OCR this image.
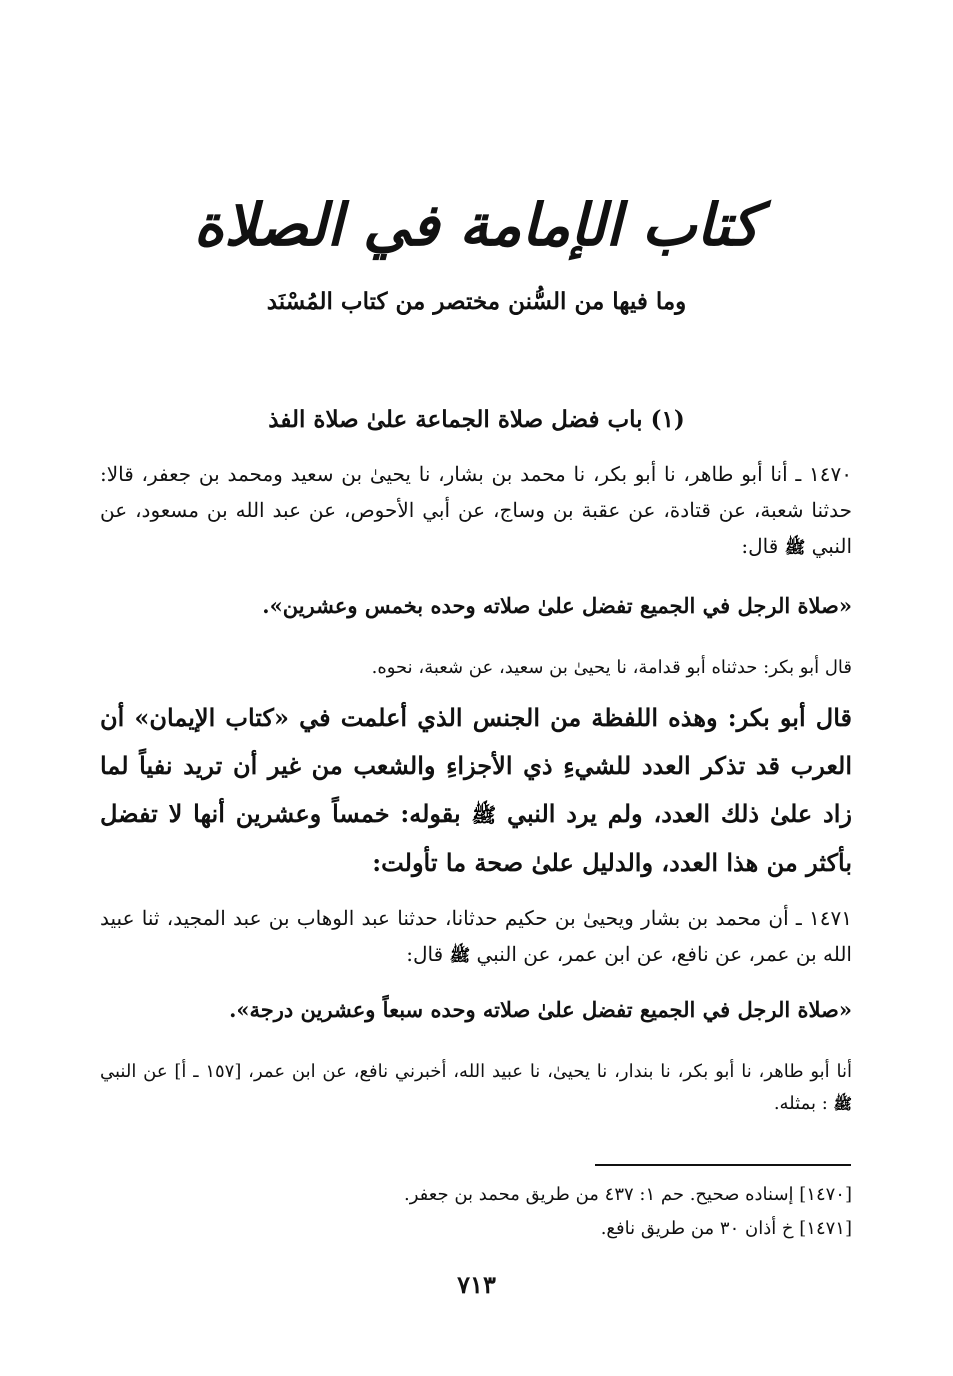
كتاب الإمامة في الصلاة
وما فيها من السُّنن مختصر من كتاب المُسْنَد
(١) باب فضل صلاة الجماعة علىٰ صلاة الفذ
١٤٧٠ ـ أنا أبو طاهر، نا أبو بكر، نا محمد بن بشار، نا يحيىٰ بن سعيد ومحمد بن جعفر، قالا: حدثنا شعبة، عن قتادة، عن عقبة بن وساج، عن أبي الأحوص، عن عبد الله بن مسعود، عن النبي ﷺ قال:
«صلاة الرجل في الجميع تفضل علىٰ صلاته وحده بخمس وعشرين».
قال أبو بكر: حدثناه أبو قدامة، نا يحيىٰ بن سعيد، عن شعبة، نحوه.
قال أبو بكر: وهذه اللفظة من الجنس الذي أعلمت في «كتاب الإيمان» أن العرب قد تذكر العدد للشيءِ ذي الأجزاءِ والشعب من غير أن تريد نفياً لما زاد علىٰ ذلك العدد، ولم يرد النبي ﷺ بقوله: خمساً وعشرين أنها لا تفضل بأكثر من هذا العدد، والدليل علىٰ صحة ما تأولت:
١٤٧١ ـ أن محمد بن بشار ويحيىٰ بن حكيم حدثانا، حدثنا عبد الوهاب بن عبد المجيد، ثنا عبيد الله بن عمر، عن نافع، عن ابن عمر، عن النبي ﷺ قال:
«صلاة الرجل في الجميع تفضل علىٰ صلاته وحده سبعاً وعشرين درجة».
أنا أبو طاهر، نا أبو بكر، نا بندار، نا يحيىٰ، نا عبيد الله، أخبرني نافع، عن ابن عمر، [١٥٧ ـ أ] عن النبي ﷺ : بمثله.
[١٤٧٠] إسناده صحيح. حم ١: ٤٣٧ من طريق محمد بن جعفر.
[١٤٧١] خ أذان ٣٠ من طريق نافع.
٧١٣
